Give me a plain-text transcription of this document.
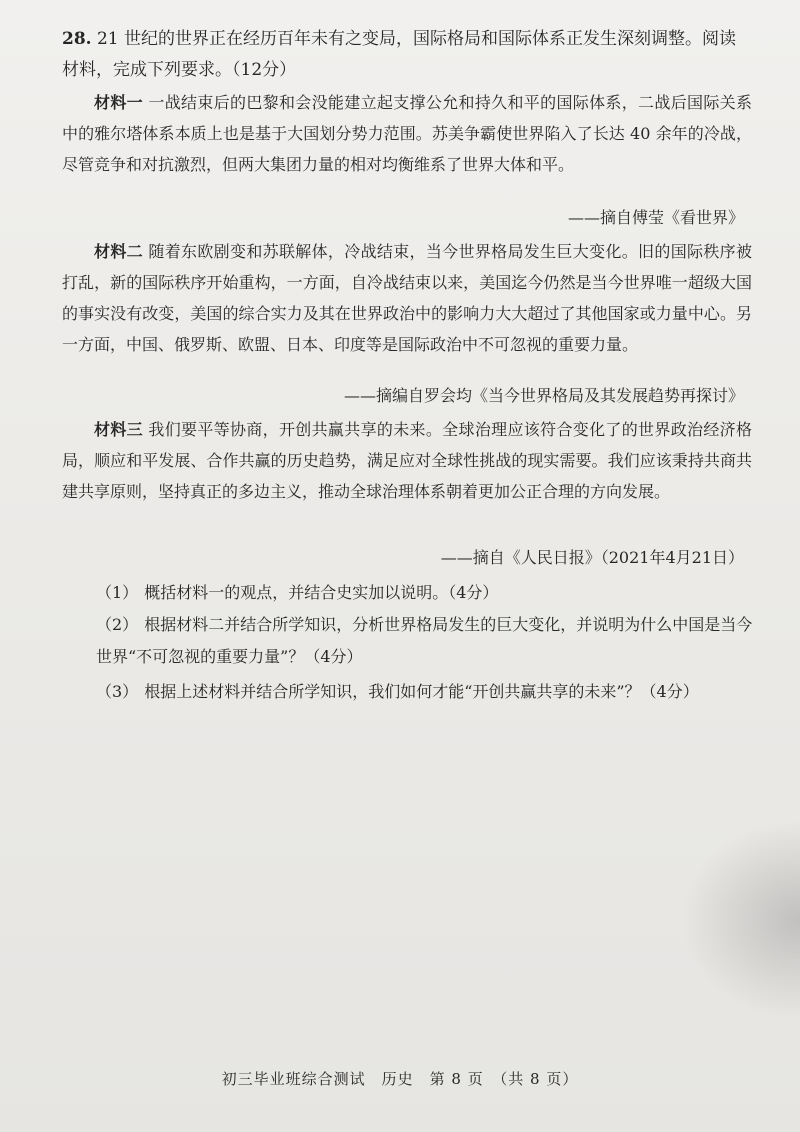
28. 21 世纪的世界正在经历百年未有之变局，国际格局和国际体系正发生深刻调整。阅读材料，完成下列要求。（12分）
材料一 一战结束后的巴黎和会没能建立起支撑公允和持久和平的国际体系，二战后国际关系中的雅尔塔体系本质上也是基于大国划分势力范围。苏美争霸使世界陷入了长达 40 余年的冷战，尽管竞争和对抗激烈，但两大集团力量的相对均衡维系了世界大体和平。
——摘自傅莹《看世界》
材料二 随着东欧剧变和苏联解体，冷战结束，当今世界格局发生巨大变化。旧的国际秩序被打乱，新的国际秩序开始重构，一方面，自冷战结束以来，美国迄今仍然是当今世界唯一超级大国的事实没有改变，美国的综合实力及其在世界政治中的影响力大大超过了其他国家或力量中心。另一方面，中国、俄罗斯、欧盟、日本、印度等是国际政治中不可忽视的重要力量。
——摘编自罗会均《当今世界格局及其发展趋势再探讨》
材料三 我们要平等协商，开创共赢共享的未来。全球治理应该符合变化了的世界政治经济格局，顺应和平发展、合作共赢的历史趋势，满足应对全球性挑战的现实需要。我们应该秉持共商共建共享原则，坚持真正的多边主义，推动全球治理体系朝着更加公正合理的方向发展。
——摘自《人民日报》（2021年4月21日）
（1） 概括材料一的观点，并结合史实加以说明。（4分）
（2） 根据材料二并结合所学知识，分析世界格局发生的巨大变化，并说明为什么中国是当今世界“不可忽视的重要力量”？（4分）
（3） 根据上述材料并结合所学知识，我们如何才能“开创共赢共享的未来”？（4分）
初三毕业班综合测试　历史　第 8 页　（共 8 页）
